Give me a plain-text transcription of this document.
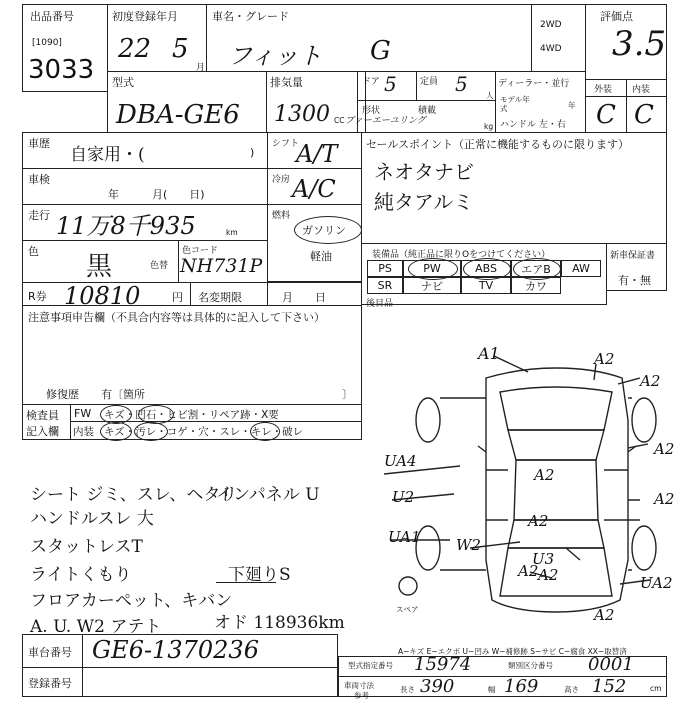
出品番号
[1090]
3033
初度登録年月
22 5
月
車名・グレード
フィット G
2WD
4WD
評価点
3.5
型式
DBA-GE6
排気量
1300 CC ブァーエーユリング
ドア 5	定員 5 人
形状	積載
kg
ディーラー・並行
モデル年式	年
ハンドル 左・右
外装 内装
C C
車歴
自家用・(	)
車検
年　　　月(　　日)
走行 11万8千935	km
色
黒	色替
色コード
NH731P
R券 10810	円 名変期限	月　　日
シフト
A/T
冷房 A/C
燃料
ガソリン
軽油
セールスポイント（正常に機能するものに限ります）
ネオタナビ
純タアルミ
装備品（純正品に限りOをつけてください）
PS	PW	ABS	エアB	AW
SR	ナビ	TV	カワ
後目品
新車保証書
有・無
注意事項申告欄（不具合内容等は具体的に記入して下さい）
修復歴　　有〔箇所	〕
検査員
記入欄
FW キズ・凹石・ヒビ割・リペア跡・X要
内装 キズ・汚レ・コゲ・穴・スレ・キレ・破レ
シート ジミ、スレ、ヘタリ
インパネル U
ハンドルスレ 大
スタットレスT
ライトくもり	下廻りS
フロアカーペット、キバン
A. U. W2 アテト	オド 118936km
A1	A2
A2
A2
A2
A2
A2
UA4
U2
UA1 W2
A2
U3
A2	UA2
A2
スペア
車台番号 GE6-1370236
登録番号
A−キズ E−エクボ U−凹み W−補修跡 S−サビ C−腐食 XX−取替済
型式指定番号 15974	類別区分番号 0001
車両寸法	長さ 390	幅 169	高さ 152	cm
参考
